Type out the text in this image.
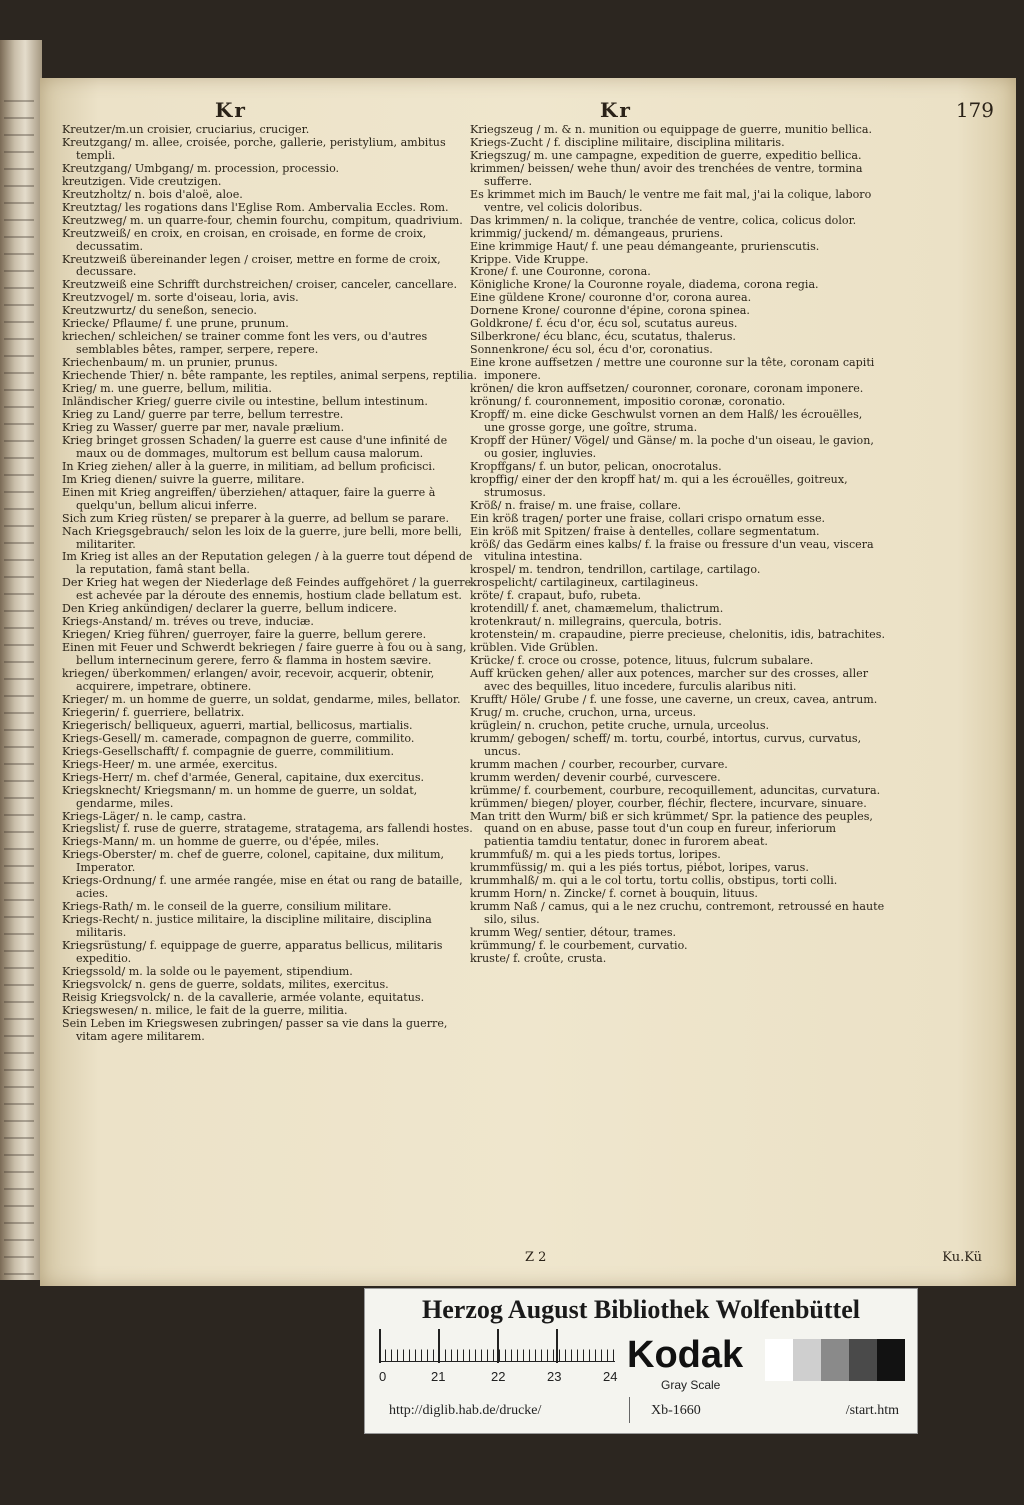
Kr	Kr	179
Kreutzer/m.un croisier, cruciarius, cruciger.
Kreutzgang/ m. allee, croisée, porche, gallerie, peristylium, ambitus templi.
Kreutzgang/ Umbgang/ m. procession, processio.
kreutzigen. Vide creutzigen.
Kreutzholtz/ n. bois d'aloë, aloe.
Kreutztag/ les rogations dans l'Eglise Rom. Ambervalia Eccles. Rom.
Kreutzweg/ m. un quarre-four, chemin fourchu, compitum, quadrivium.
Kreutzweiß/ en croix, en croisan, en croisade, en forme de croix, decussatim.
Kreutzweiß übereinander legen / croiser, mettre en forme de croix, decussare.
Kreutzweiß eine Schrifft durchstreichen/ croiser, canceler, cancellare.
Kreutzvogel/ m. sorte d'oiseau, loria, avis.
Kreutzwurtz/ du seneßon, senecio.
Kriecke/ Pflaume/ f. une prune, prunum.
kriechen/ schleichen/ se trainer comme font les vers, ou d'autres semblables bêtes, ramper, serpere, repere.
Kriechenbaum/ m. un prunier, prunus.
Kriechende Thier/ n. bête rampante, les reptiles, animal serpens, reptilia.
Krieg/ m. une guerre, bellum, militia.
Inländischer Krieg/ guerre civile ou intestine, bellum intestinum.
Krieg zu Land/ guerre par terre, bellum terrestre.
Krieg zu Wasser/ guerre par mer, navale prælium.
Krieg bringet grossen Schaden/ la guerre est cause d'une infinité de maux ou de dommages, multorum est bellum causa malorum.
In Krieg ziehen/ aller à la guerre, in militiam, ad bellum proficisci.
Im Krieg dienen/ suivre la guerre, militare.
Einen mit Krieg angreiffen/ überziehen/ attaquer, faire la guerre à quelqu'un, bellum alicui inferre.
Sich zum Krieg rüsten/ se preparer à la guerre, ad bellum se parare.
Nach Kriegsgebrauch/ selon les loix de la guerre, jure belli, more belli, militariter.
Im Krieg ist alles an der Reputation gelegen / à la guerre tout dépend de la reputation, famâ stant bella.
Der Krieg hat wegen der Niederlage deß Feindes auffgehöret / la guerre est achevée par la déroute des ennemis, hostium clade bellatum est.
Den Krieg ankündigen/ declarer la guerre, bellum indicere.
Kriegs-Anstand/ m. tréves ou treve, induciæ.
Kriegen/ Krieg führen/ guerroyer, faire la guerre, bellum gerere.
Einen mit Feuer und Schwerdt bekriegen / faire guerre à fou ou à sang, bellum internecinum gerere, ferro & flamma in hostem sævire.
kriegen/ überkommen/ erlangen/ avoir, recevoir, acquerir, obtenir, acquirere, impetrare, obtinere.
Krieger/ m. un homme de guerre, un soldat, gendarme, miles, bellator.
Kriegerin/ f. guerriere, bellatrix.
Kriegerisch/ belliqueux, aguerri, martial, bellicosus, martialis.
Kriegs-Gesell/ m. camerade, compagnon de guerre, commilito.
Kriegs-Gesellschafft/ f. compagnie de guerre, commilitium.
Kriegs-Heer/ m. une armée, exercitus.
Kriegs-Herr/ m. chef d'armée, General, capitaine, dux exercitus.
Kriegsknecht/ Kriegsmann/ m. un homme de guerre, un soldat, gendarme, miles.
Kriegs-Läger/ n. le camp, castra.
Kriegslist/ f. ruse de guerre, stratageme, stratagema, ars fallendi hostes.
Kriegs-Mann/ m. un homme de guerre, ou d'épée, miles.
Kriegs-Oberster/ m. chef de guerre, colonel, capitaine, dux militum, Imperator.
Kriegs-Ordnung/ f. une armée rangée, mise en état ou rang de bataille, acies.
Kriegs-Rath/ m. le conseil de la guerre, consilium militare.
Kriegs-Recht/ n. justice militaire, la discipline militaire, disciplina militaris.
Kriegsrüstung/ f. equippage de guerre, apparatus bellicus, militaris expeditio.
Kriegssold/ m. la solde ou le payement, stipendium.
Kriegsvolck/ n. gens de guerre, soldats, milites, exercitus.
Reisig Kriegsvolck/ n. de la cavallerie, armée volante, equitatus.
Kriegswesen/ n. milice, le fait de la guerre, militia.
Sein Leben im Kriegswesen zubringen/ passer sa vie dans la guerre, vitam agere militarem.
Kriegszeug / m. & n. munition ou equippage de guerre, munitio bellica.
Kriegs-Zucht / f. discipline militaire, disciplina militaris.
Kriegszug/ m. une campagne, expedition de guerre, expeditio bellica.
krimmen/ beissen/ wehe thun/ avoir des trenchées de ventre, tormina sufferre.
Es krimmet mich im Bauch/ le ventre me fait mal, j'ai la colique, laboro ventre, vel colicis doloribus.
Das krimmen/ n. la colique, tranchée de ventre, colica, colicus dolor.
krimmig/ juckend/ m. démangeaus, pruriens.
Eine krimmige Haut/ f. une peau démangeante, prurienscutis.
Krippe. Vide Kruppe.
Krone/ f. une Couronne, corona.
Königliche Krone/ la Couronne royale, diadema, corona regia.
Eine güldene Krone/ couronne d'or, corona aurea.
Dornene Krone/ couronne d'épine, corona spinea.
Goldkrone/ f. écu d'or, écu sol, scutatus aureus.
Silberkrone/ écu blanc, écu, scutatus, thalerus.
Sonnenkrone/ écu sol, écu d'or, coronatius.
Eine krone auffsetzen / mettre une couronne sur la tête, coronam capiti imponere.
krönen/ die kron auffsetzen/ couronner, coronare, coronam imponere.
krönung/ f. couronnement, impositio coronæ, coronatio.
Kropff/ m. eine dicke Geschwulst vornen an dem Halß/ les écrouëlles, une grosse gorge, une goître, struma.
Kropff der Hüner/ Vögel/ und Gänse/ m. la poche d'un oiseau, le gavion, ou gosier, ingluvies.
Kropffgans/ f. un butor, pelican, onocrotalus.
kropffig/ einer der den kropff hat/ m. qui a les écrouëlles, goitreux, strumosus.
Kröß/ n. fraise/ m. une fraise, collare.
Ein kröß tragen/ porter une fraise, collari crispo ornatum esse.
Ein kröß mit Spitzen/ fraise à dentelles, collare segmentatum.
kröß/ das Gedärm eines kalbs/ f. la fraise ou fressure d'un veau, viscera vitulina intestina.
krospel/ m. tendron, tendrillon, cartilage, cartilago.
krospelicht/ cartilagineux, cartilagineus.
kröte/ f. crapaut, bufo, rubeta.
krotendill/ f. anet, chamæmelum, thalictrum.
krotenkraut/ n. millegrains, quercula, botris.
krotenstein/ m. crapaudine, pierre precieuse, chelonitis, idis, batrachites.
krüblen. Vide Grüblen.
Krücke/ f. croce ou crosse, potence, lituus, fulcrum subalare.
Auff krücken gehen/ aller aux potences, marcher sur des crosses, aller avec des bequilles, lituo incedere, furculis alaribus niti.
Krufft/ Höle/ Grube / f. une fosse, une caverne, un creux, cavea, antrum.
Krug/ m. cruche, cruchon, urna, urceus.
krüglein/ n. cruchon, petite cruche, urnula, urceolus.
krumm/ gebogen/ scheff/ m. tortu, courbé, intortus, curvus, curvatus, uncus.
krumm machen / courber, recourber, curvare.
krumm werden/ devenir courbé, curvescere.
krümme/ f. courbement, courbure, recoquillement, aduncitas, curvatura.
krümmen/ biegen/ ployer, courber, fléchir, flectere, incurvare, sinuare.
Man tritt den Wurm/ biß er sich krümmet/ Spr. la patience des peuples, quand on en abuse, passe tout d'un coup en fureur, inferiorum patientia tamdiu tentatur, donec in furorem abeat.
krummfuß/ m. qui a les pieds tortus, loripes.
krummfüssig/ m. qui a les piés tortus, piébot, loripes, varus.
krummhalß/ m. qui a le col tortu, tortu collis, obstipus, torti colli.
krumm Horn/ n. Zincke/ f. cornet à bouquin, lituus.
krumm Naß / camus, qui a le nez cruchu, contremont, retroussé en haute silo, silus.
krumm Weg/ sentier, détour, trames.
krümmung/ f. le courbement, curvatio.
kruste/ f. croûte, crusta.
Z 2	Ku.Kü
Herzog August Bibliothek Wolfenbüttel
0	21	22	23	24
Kodak
Gray Scale
http://diglib.hab.de/drucke/	Xb-1660	/start.htm
